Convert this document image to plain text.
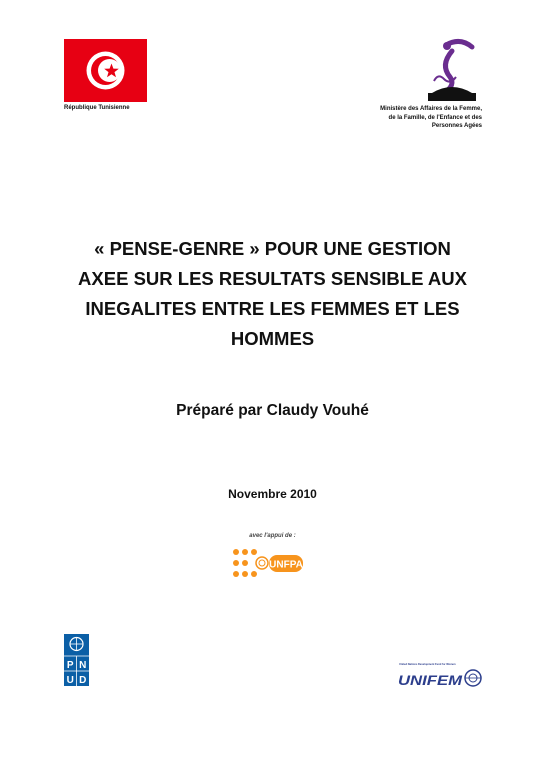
République Tunisienne	Ministère des Affaires de la Femme,
de la Famille, de l'Enfance et des
Personnes Agées
« PENSE-GENRE » POUR UNE GESTION
AXEE SUR LES RESULTATS SENSIBLE AUX
INEGALITES ENTRE LES FEMMES ET LES
HOMMES
Préparé par Claudy Vouhé
Novembre 2010
avec l'appui de :
UNFPA
P N
U D
United Nations Development Fund for Women
UNIFEM
